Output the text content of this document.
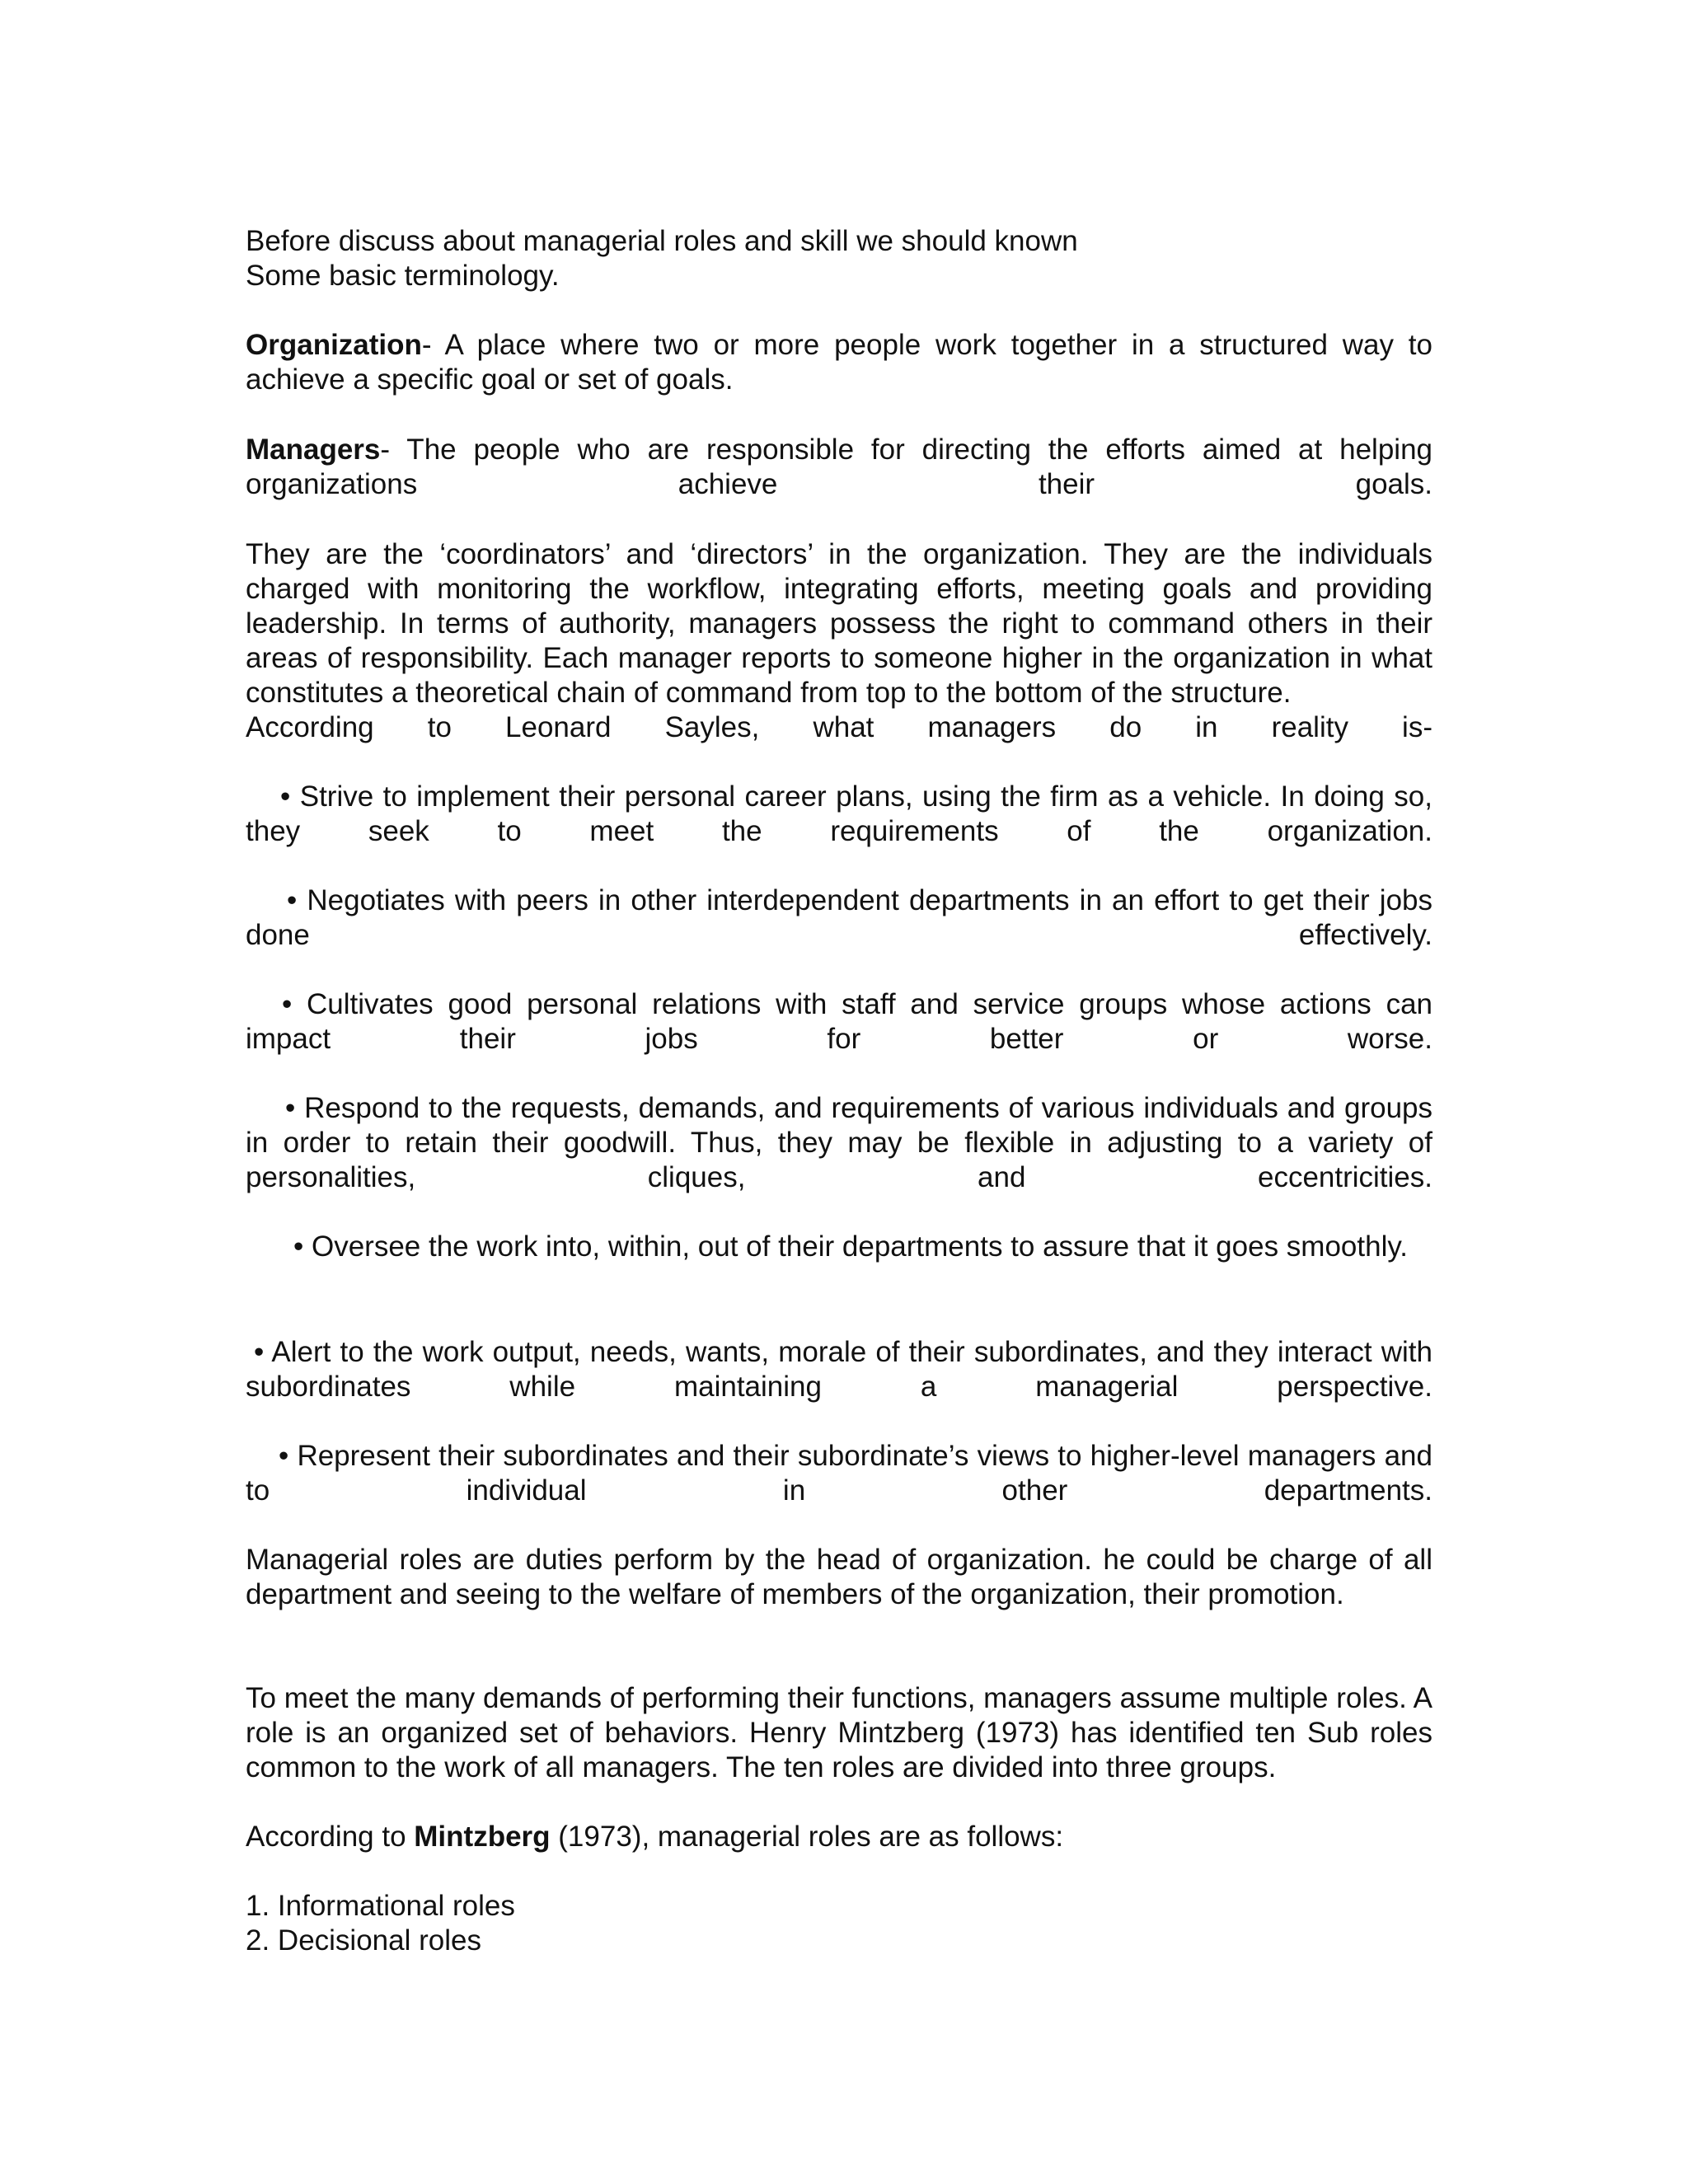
Before discuss about managerial roles and skill we should known
Some basic terminology.
Organization- A place where two or more people work together in a structured way to achieve a specific goal or set of goals.
Managers- The people who are responsible for directing the efforts aimed at helping organizations achieve their goals.
They are the ‘coordinators’ and ‘directors’ in the organization. They are the individuals charged with monitoring the workflow, integrating efforts, meeting goals and providing leadership. In terms of authority, managers possess the right to command others in their areas of responsibility. Each manager reports to someone higher in the organization in what constitutes a theoretical chain of command from top to the bottom of the structure.
According to Leonard Sayles, what managers do in reality is-
• Strive to implement their personal career plans, using the firm as a vehicle. In doing so, they seek to meet the requirements of the organization.
• Negotiates with peers in other interdependent departments in an effort to get their jobs done effectively.
• Cultivates good personal relations with staff and service groups whose actions can impact their jobs for better or worse.
• Respond to the requests, demands, and requirements of various individuals and groups in order to retain their goodwill. Thus, they may be flexible in adjusting to a variety of personalities, cliques, and eccentricities.
• Oversee the work into, within, out of their departments to assure that it goes smoothly.
• Alert to the work output, needs, wants, morale of their subordinates, and they interact with subordinates while maintaining a managerial perspective.
• Represent their subordinates and their subordinate’s views to higher-level managers and to individual in other departments.
Managerial roles are duties perform by the head of organization. he could be charge of all department and seeing to the welfare of members of the organization, their promotion.
To meet the many demands of performing their functions, managers assume multiple roles. A role is an organized set of behaviors. Henry Mintzberg (1973) has identified ten Sub roles common to the work of all managers. The ten roles are divided into three groups.
According to Mintzberg (1973), managerial roles are as follows:
1. Informational roles
2. Decisional roles
